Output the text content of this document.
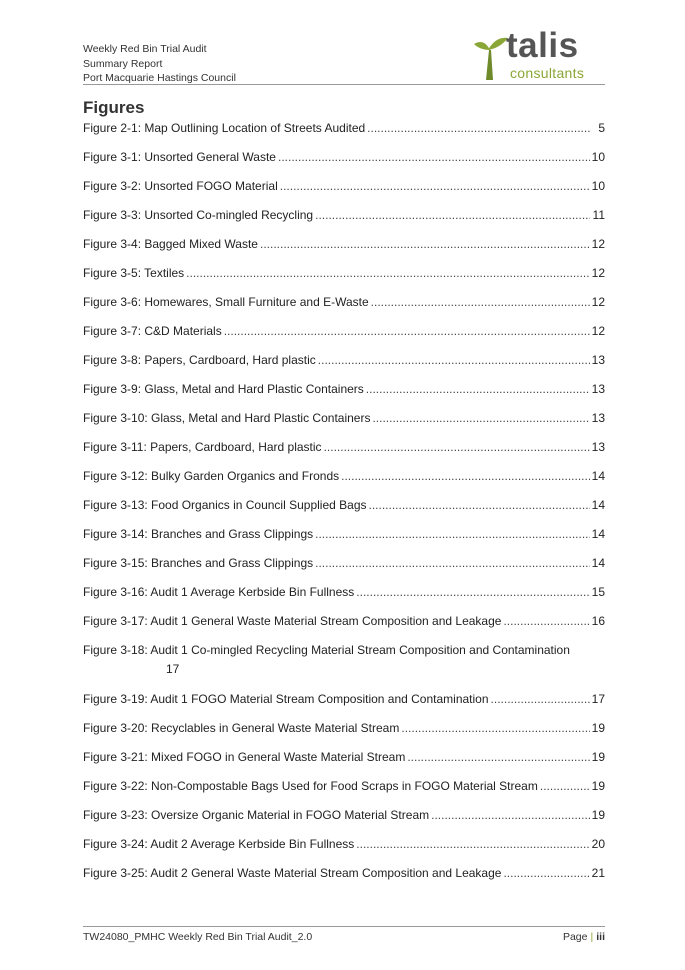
Weekly Red Bin Trial Audit
Summary Report
Port Macquarie Hastings Council
talis
consultants
Figures
Figure 2-1: Map Outlining Location of Streets Audited .....	5
Figure 3-1: Unsorted General Waste .....	10
Figure 3-2: Unsorted FOGO Material .....	10
Figure 3-3: Unsorted Co-mingled Recycling .....	11
Figure 3-4: Bagged Mixed Waste .....	12
Figure 3-5: Textiles .....	12
Figure 3-6: Homewares, Small Furniture and E-Waste .....	12
Figure 3-7: C&D Materials .....	12
Figure 3-8: Papers, Cardboard, Hard plastic .....	13
Figure 3-9: Glass, Metal and Hard Plastic Containers .....	13
Figure 3-10: Glass, Metal and Hard Plastic Containers .....	13
Figure 3-11: Papers, Cardboard, Hard plastic .....	13
Figure 3-12: Bulky Garden Organics and Fronds .....	14
Figure 3-13: Food Organics in Council Supplied Bags .....	14
Figure 3-14: Branches and Grass Clippings .....	14
Figure 3-15: Branches and Grass Clippings .....	14
Figure 3-16: Audit 1 Average Kerbside Bin Fullness .....	15
Figure 3-17: Audit 1 General Waste Material Stream Composition and Leakage .....	16
Figure 3-18: Audit 1 Co-mingled Recycling Material Stream Composition and Contamination
17
Figure 3-19: Audit 1 FOGO Material Stream Composition and Contamination .....	17
Figure 3-20: Recyclables in General Waste Material Stream .....	19
Figure 3-21: Mixed FOGO in General Waste Material Stream .....	19
Figure 3-22: Non-Compostable Bags Used for Food Scraps in FOGO Material Stream .....	19
Figure 3-23: Oversize Organic Material in FOGO Material Stream .....	19
Figure 3-24: Audit 2 Average Kerbside Bin Fullness .....	20
Figure 3-25: Audit 2 General Waste Material Stream Composition and Leakage .....	21
TW24080_PMHC Weekly Red Bin Trial Audit_2.0	Page | iii
